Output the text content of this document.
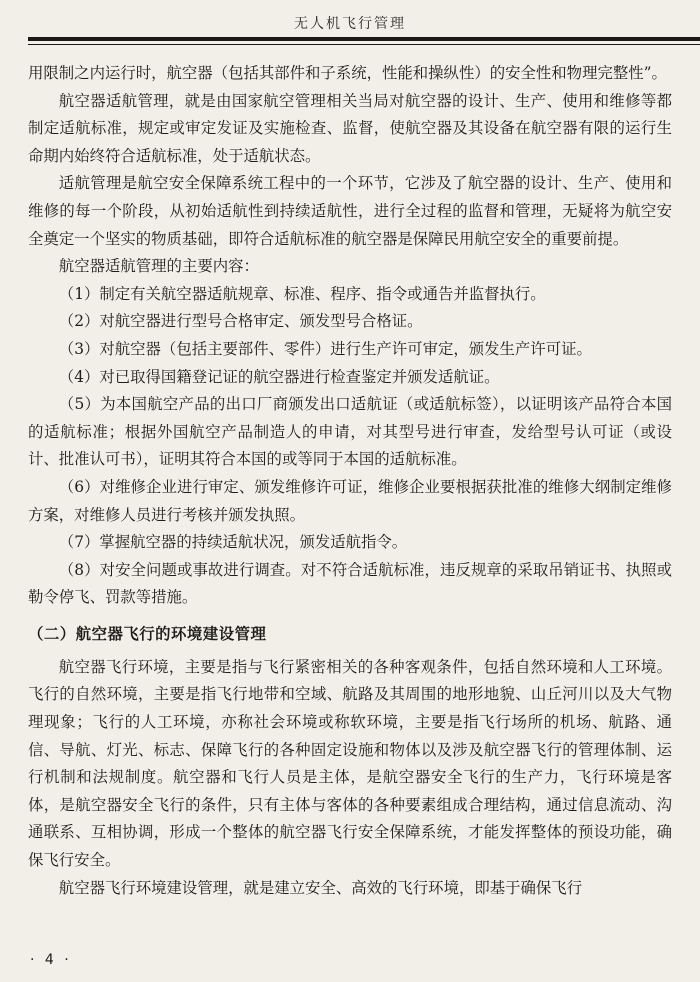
无人机飞行管理

用限制之内运行时，航空器（包括其部件和子系统，性能和操纵性）的安全性和物理完整性”。

航空器适航管理，就是由国家航空管理相关当局对航空器的设计、生产、使用和维修等都制定适航标准，规定或审定发证及实施检查、监督，使航空器及其设备在航空器有限的运行生命期内始终符合适航标准，处于适航状态。

适航管理是航空安全保障系统工程中的一个环节，它涉及了航空器的设计、生产、使用和维修的每一个阶段，从初始适航性到持续适航性，进行全过程的监督和管理，无疑将为航空安全奠定一个坚实的物质基础，即符合适航标准的航空器是保障民用航空安全的重要前提。

航空器适航管理的主要内容：

（1）制定有关航空器适航规章、标准、程序、指令或通告并监督执行。

（2）对航空器进行型号合格审定、颁发型号合格证。

（3）对航空器（包括主要部件、零件）进行生产许可审定，颁发生产许可证。

（4）对已取得国籍登记证的航空器进行检查鉴定并颁发适航证。

（5）为本国航空产品的出口厂商颁发出口适航证（或适航标签），以证明该产品符合本国的适航标准；根据外国航空产品制造人的申请，对其型号进行审查，发给型号认可证（或设计、批准认可书），证明其符合本国的或等同于本国的适航标准。

（6）对维修企业进行审定、颁发维修许可证，维修企业要根据获批准的维修大纲制定维修方案，对维修人员进行考核并颁发执照。

（7）掌握航空器的持续适航状况，颁发适航指令。

（8）对安全问题或事故进行调查。对不符合适航标准，违反规章的采取吊销证书、执照或勒令停飞、罚款等措施。

（二）航空器飞行的环境建设管理

航空器飞行环境，主要是指与飞行紧密相关的各种客观条件，包括自然环境和人工环境。飞行的自然环境，主要是指飞行地带和空域、航路及其周围的地形地貌、山丘河川以及大气物理现象；飞行的人工环境，亦称社会环境或称软环境，主要是指飞行场所的机场、航路、通信、导航、灯光、标志、保障飞行的各种固定设施和物体以及涉及航空器飞行的管理体制、运行机制和法规制度。航空器和飞行人员是主体，是航空器安全飞行的生产力，飞行环境是客体，是航空器安全飞行的条件，只有主体与客体的各种要素组成合理结构，通过信息流动、沟通联系、互相协调，形成一个整体的航空器飞行安全保障系统，才能发挥整体的预设功能，确保飞行安全。

航空器飞行环境建设管理，就是建立安全、高效的飞行环境，即基于确保飞行

· 4 ·
